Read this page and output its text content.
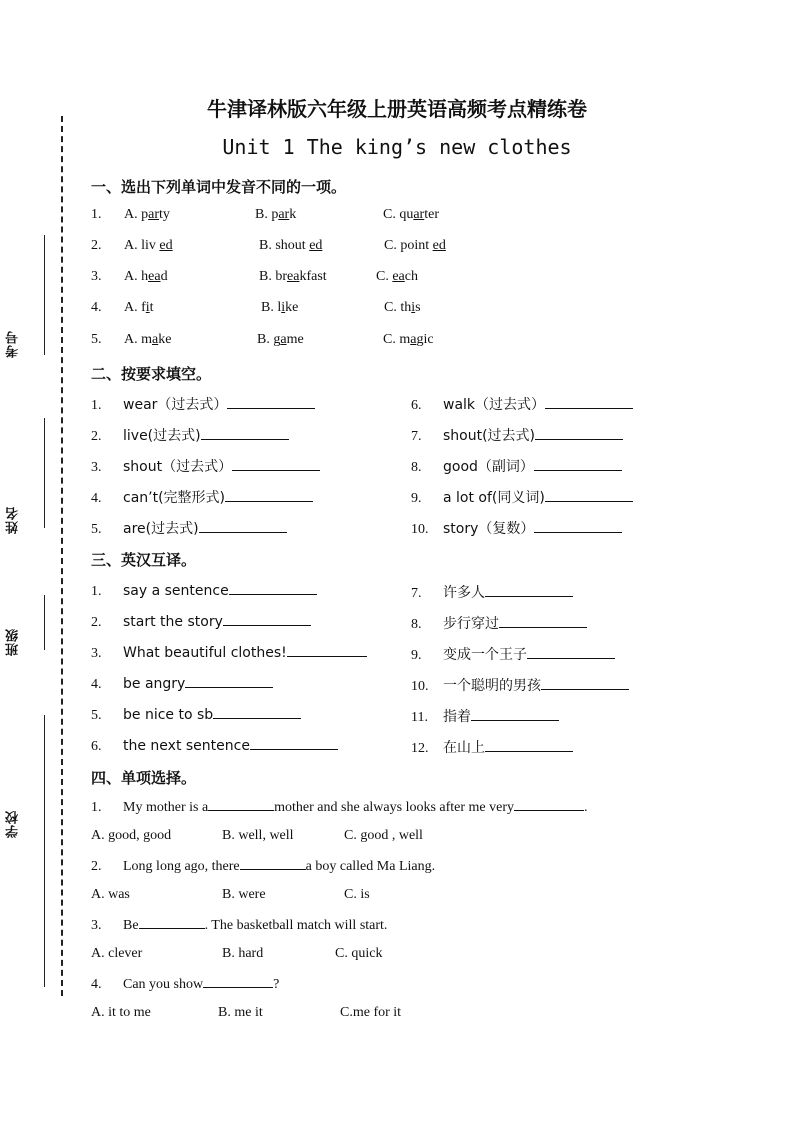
考号
姓名
班级
学校
牛津译林版六年级上册英语高频考点精练卷
Unit 1 The king’s new clothes
一、选出下列单词中发音不同的一项。
1. A. party	B. park	C. quarter
2. A. liv ed	B. shout ed	C. point ed
3. A. head	B. breakfast	C. each
4. A. fit	B. like	C. this
5. A. make	B. game	C. magic
二、按要求填空。
1. wear（过去式）
2. live(过去式)
3. shout（过去式）
4. can’t(完整形式)
5. are(过去式)
6. walk（过去式）
7. shout(过去式)
8. good（副词）
9. a lot of(同义词)
10. story（复数）
三、英汉互译。
1. say a sentence
2. start the story
3. What beautiful clothes!
4. be angry
5. be nice to sb
6. the next sentence
7. 许多人
8. 步行穿过
9. 变成一个王子
10. 一个聪明的男孩
11. 指着
12. 在山上
四、单项选择。
1. My mother is a	mother and she always looks after me very	.
A. good, good	B. well, well	C. good , well
2. Long long ago, there	a boy called Ma Liang.
A. was	B. were	C. is
3. Be	. The basketball match will start.
A. clever	B. hard	C. quick
4. Can you show	?
A. it to me	B. me it	C.me for it
